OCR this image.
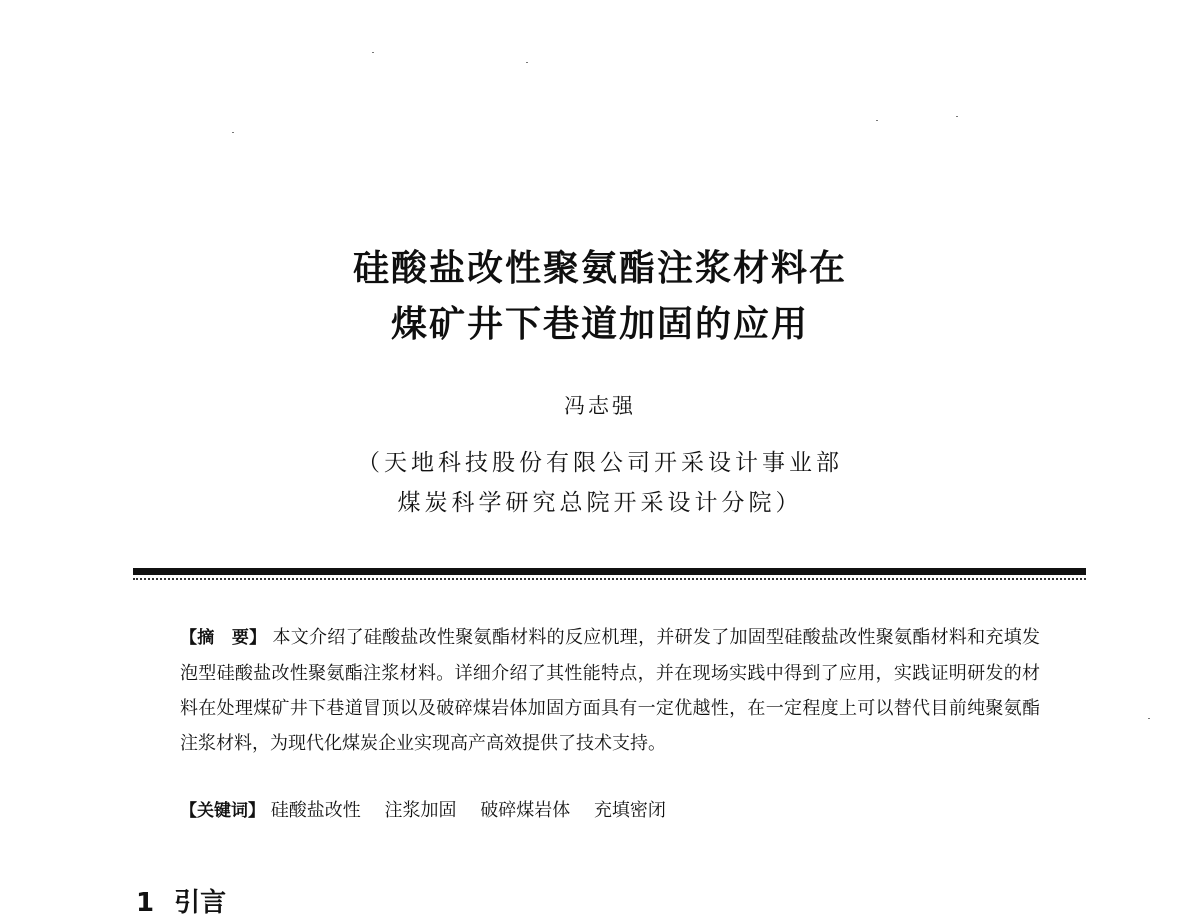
硅酸盐改性聚氨酯注浆材料在
煤矿井下巷道加固的应用
冯志强
（天地科技股份有限公司开采设计事业部
煤炭科学研究总院开采设计分院）
【摘　要】 本文介绍了硅酸盐改性聚氨酯材料的反应机理，并研发了加固型硅酸盐改性聚氨酯材料和充填发泡型硅酸盐改性聚氨酯注浆材料。详细介绍了其性能特点，并在现场实践中得到了应用，实践证明研发的材料在处理煤矿井下巷道冒顶以及破碎煤岩体加固方面具有一定优越性，在一定程度上可以替代目前纯聚氨酯注浆材料，为现代化煤炭企业实现高产高效提供了技术支持。
【关键词】 硅酸盐改性 注浆加固 破碎煤岩体 充填密闭
1 引言
